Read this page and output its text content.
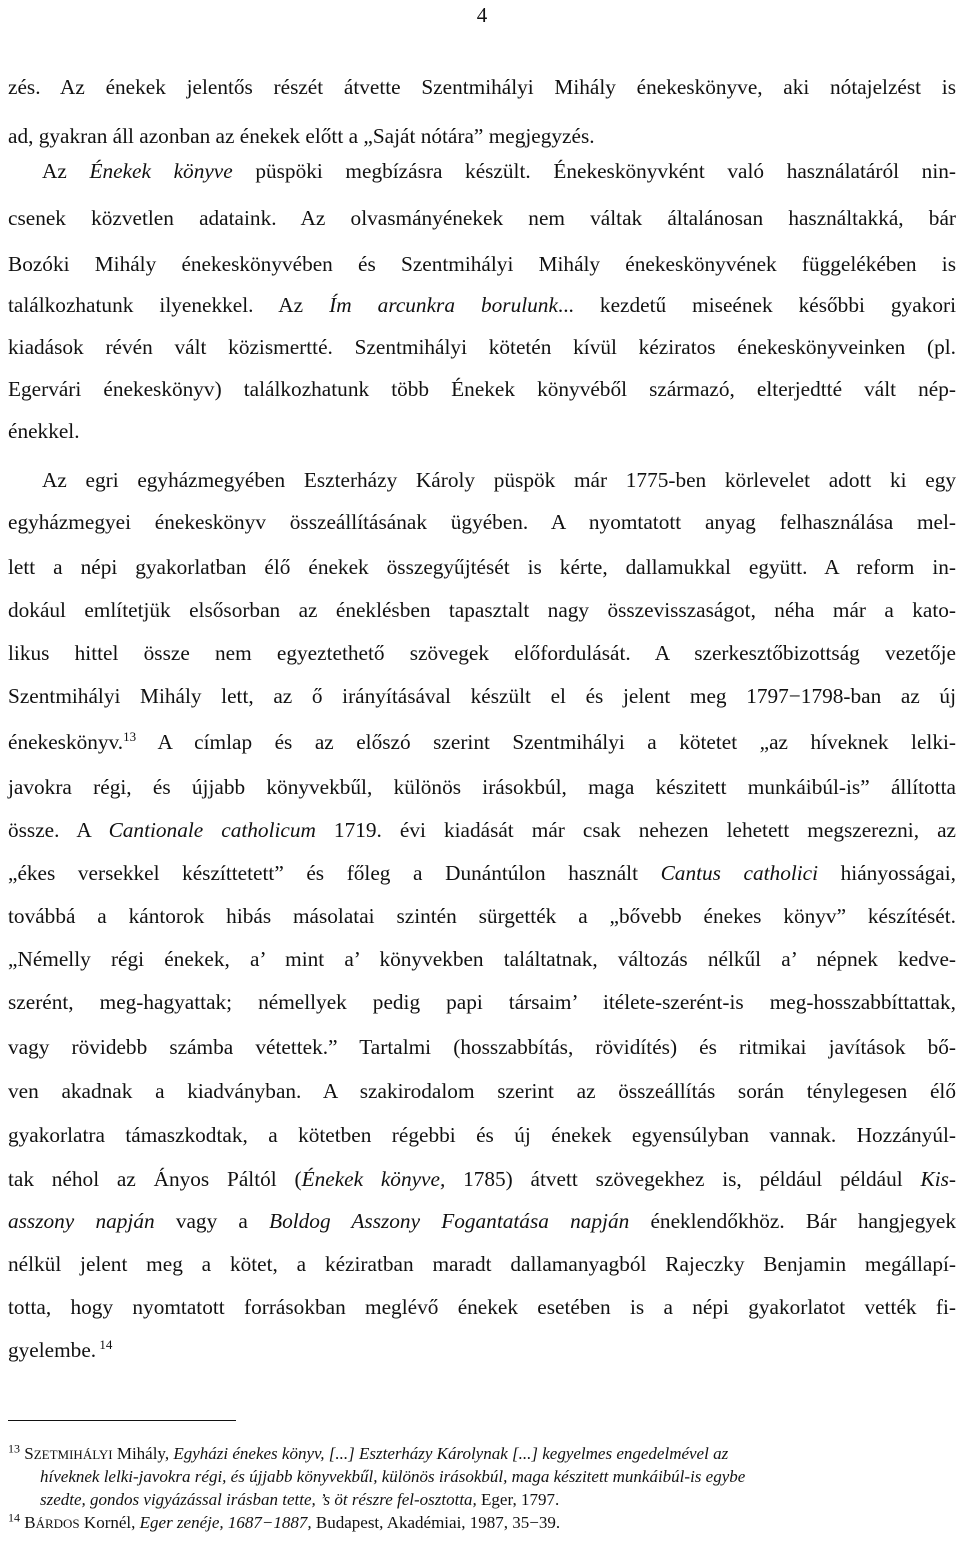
4
zés. Az énekek jelentős részét átvette Szentmihályi Mihály énekeskönyve, aki nótajelzést is
ad, gyakran áll azonban az énekek előtt a „Saját nótára” megjegyzés.
Az Énekek könyve püspöki megbízásra készült. Énekeskönyvként való használatáról nin-
csenek közvetlen adataink. Az olvasmányénekek nem váltak általánosan használtakká, bár
Bozóki Mihály énekeskönyvében és Szentmihályi Mihály énekeskönyvének függelékében is
találkozhatunk ilyenekkel. Az Ím arcunkra borulunk... kezdetű miseének későbbi gyakori
kiadások révén vált közismertté. Szentmihályi kötetén kívül kéziratos énekeskönyveinken (pl.
Egervári énekeskönyv) találkozhatunk több Énekek könyvéből származó, elterjedtté vált nép-
énekkel.
Az egri egyházmegyében Eszterházy Károly püspök már 1775-ben körlevelet adott ki egy
egyházmegyei énekeskönyv összeállításának ügyében. A nyomtatott anyag felhasználása mel-
lett a népi gyakorlatban élő énekek összegyűjtését is kérte, dallamukkal együtt. A reform in-
dokául említetjük elsősorban az éneklésben tapasztalt nagy összevisszaságot, néha már a kato-
likus hittel össze nem egyeztethető szövegek előfordulását. A szerkesztőbizottság vezetője
Szentmihályi Mihály lett, az ő irányításával készült el és jelent meg 1797−1798-ban az új
énekeskönyv.$^{13}$ A címlap és az előszó szerint Szentmihályi a kötetet „az híveknek lelki-
javokra régi, és újjabb könyvekbűl, különös irásokbúl, maga készitett munkáibúl-is” állította
össze. A Cantionale catholicum 1719. évi kiadását már csak nehezen lehetett megszerezni, az
„ékes versekkel készíttetett” és főleg a Dunántúlon használt Cantus catholici hiányosságai,
továbbá a kántorok hibás másolatai szintén sürgették a „bővebb énekes könyv” készítését.
„Némelly régi énekek, a’ mint a’ könyvekben találtatnak, változás nélkűl a’ népnek kedve-
szerént, meg-hagyattak; némellyek pedig papi társaim’ itélete-szerént-is meg-hosszabbíttattak,
vagy rövidebb számba vétettek.” Tartalmi (hosszabbítás, rövidítés) és ritmikai javítások bő-
ven akadnak a kiadványban. A szakirodalom szerint az összeállítás során ténylegesen élő
gyakorlatra támaszkodtak, a kötetben régebbi és új énekek egyensúlyban vannak. Hozzányúl-
tak néhol az Ányos Páltól (Énekek könyve, 1785) átvett szövegekhez is, például például Kis-
asszony napján vagy a Boldog Asszony Fogantatása napján éneklendőkhöz. Bár hangjegyek
nélkül jelent meg a kötet, a kéziratban maradt dallamanyagból Rajeczky Benjamin megállapí-
totta, hogy nyomtatott forrásokban meglévő énekek esetében is a népi gyakorlatot vették fi-
gyelembe. $^{14}$
$^{13}$ SZETMIHÁLYI Mihály, Egyházi énekes könyv, [...] Eszterházy Károlynak [...] kegyelmes engedelmével az
híveknek lelki-javokra régi, és újjabb könyvekbűl, különös irásokbúl, maga készitett munkáibúl-is egybe
szedte, gondos vigyázással irásban tette, ’s öt részre fel-osztotta, Eger, 1797.
$^{14}$ BÁRDOS Kornél, Eger zenéje, 1687−1887, Budapest, Akadémiai, 1987, 35−39.
